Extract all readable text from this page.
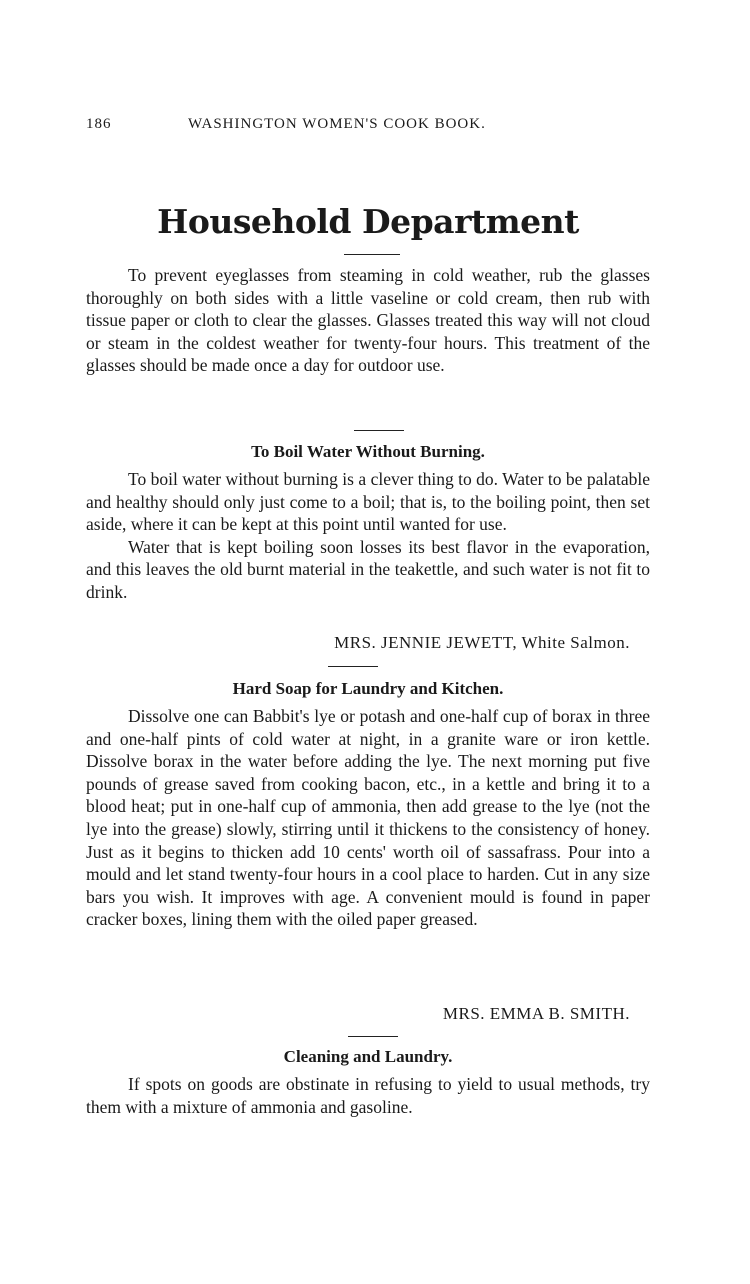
186	WASHINGTON WOMEN'S COOK BOOK.
Household Department

To prevent eyeglasses from steaming in cold weather, rub the glasses thoroughly on both sides with a little vaseline or cold cream, then rub with tissue paper or cloth to clear the glasses. Glasses treated this way will not cloud or steam in the coldest weather for twenty-four hours. This treatment of the glasses should be made once a day for outdoor use.

To Boil Water Without Burning.

To boil water without burning is a clever thing to do. Water to be palatable and healthy should only just come to a boil; that is, to the boiling point, then set aside, where it can be kept at this point until wanted for use.

Water that is kept boiling soon losses its best flavor in the evaporation, and this leaves the old burnt material in the teakettle, and such water is not fit to drink.

MRS. JENNIE JEWETT, White Salmon.
Hard Soap for Laundry and Kitchen.

Dissolve one can Babbit's lye or potash and one-half cup of borax in three and one-half pints of cold water at night, in a granite ware or iron kettle. Dissolve borax in the water before adding the lye. The next morning put five pounds of grease saved from cooking bacon, etc., in a kettle and bring it to a blood heat; put in one-half cup of ammonia, then add grease to the lye (not the lye into the grease) slowly, stirring until it thickens to the consistency of honey. Just as it begins to thicken add 10 cents' worth oil of sassafrass. Pour into a mould and let stand twenty-four hours in a cool place to harden. Cut in any size bars you wish. It improves with age. A convenient mould is found in paper cracker boxes, lining them with the oiled paper greased.

MRS. EMMA B. SMITH.
Cleaning and Laundry.

If spots on goods are obstinate in refusing to yield to usual methods, try them with a mixture of ammonia and gasoline.
